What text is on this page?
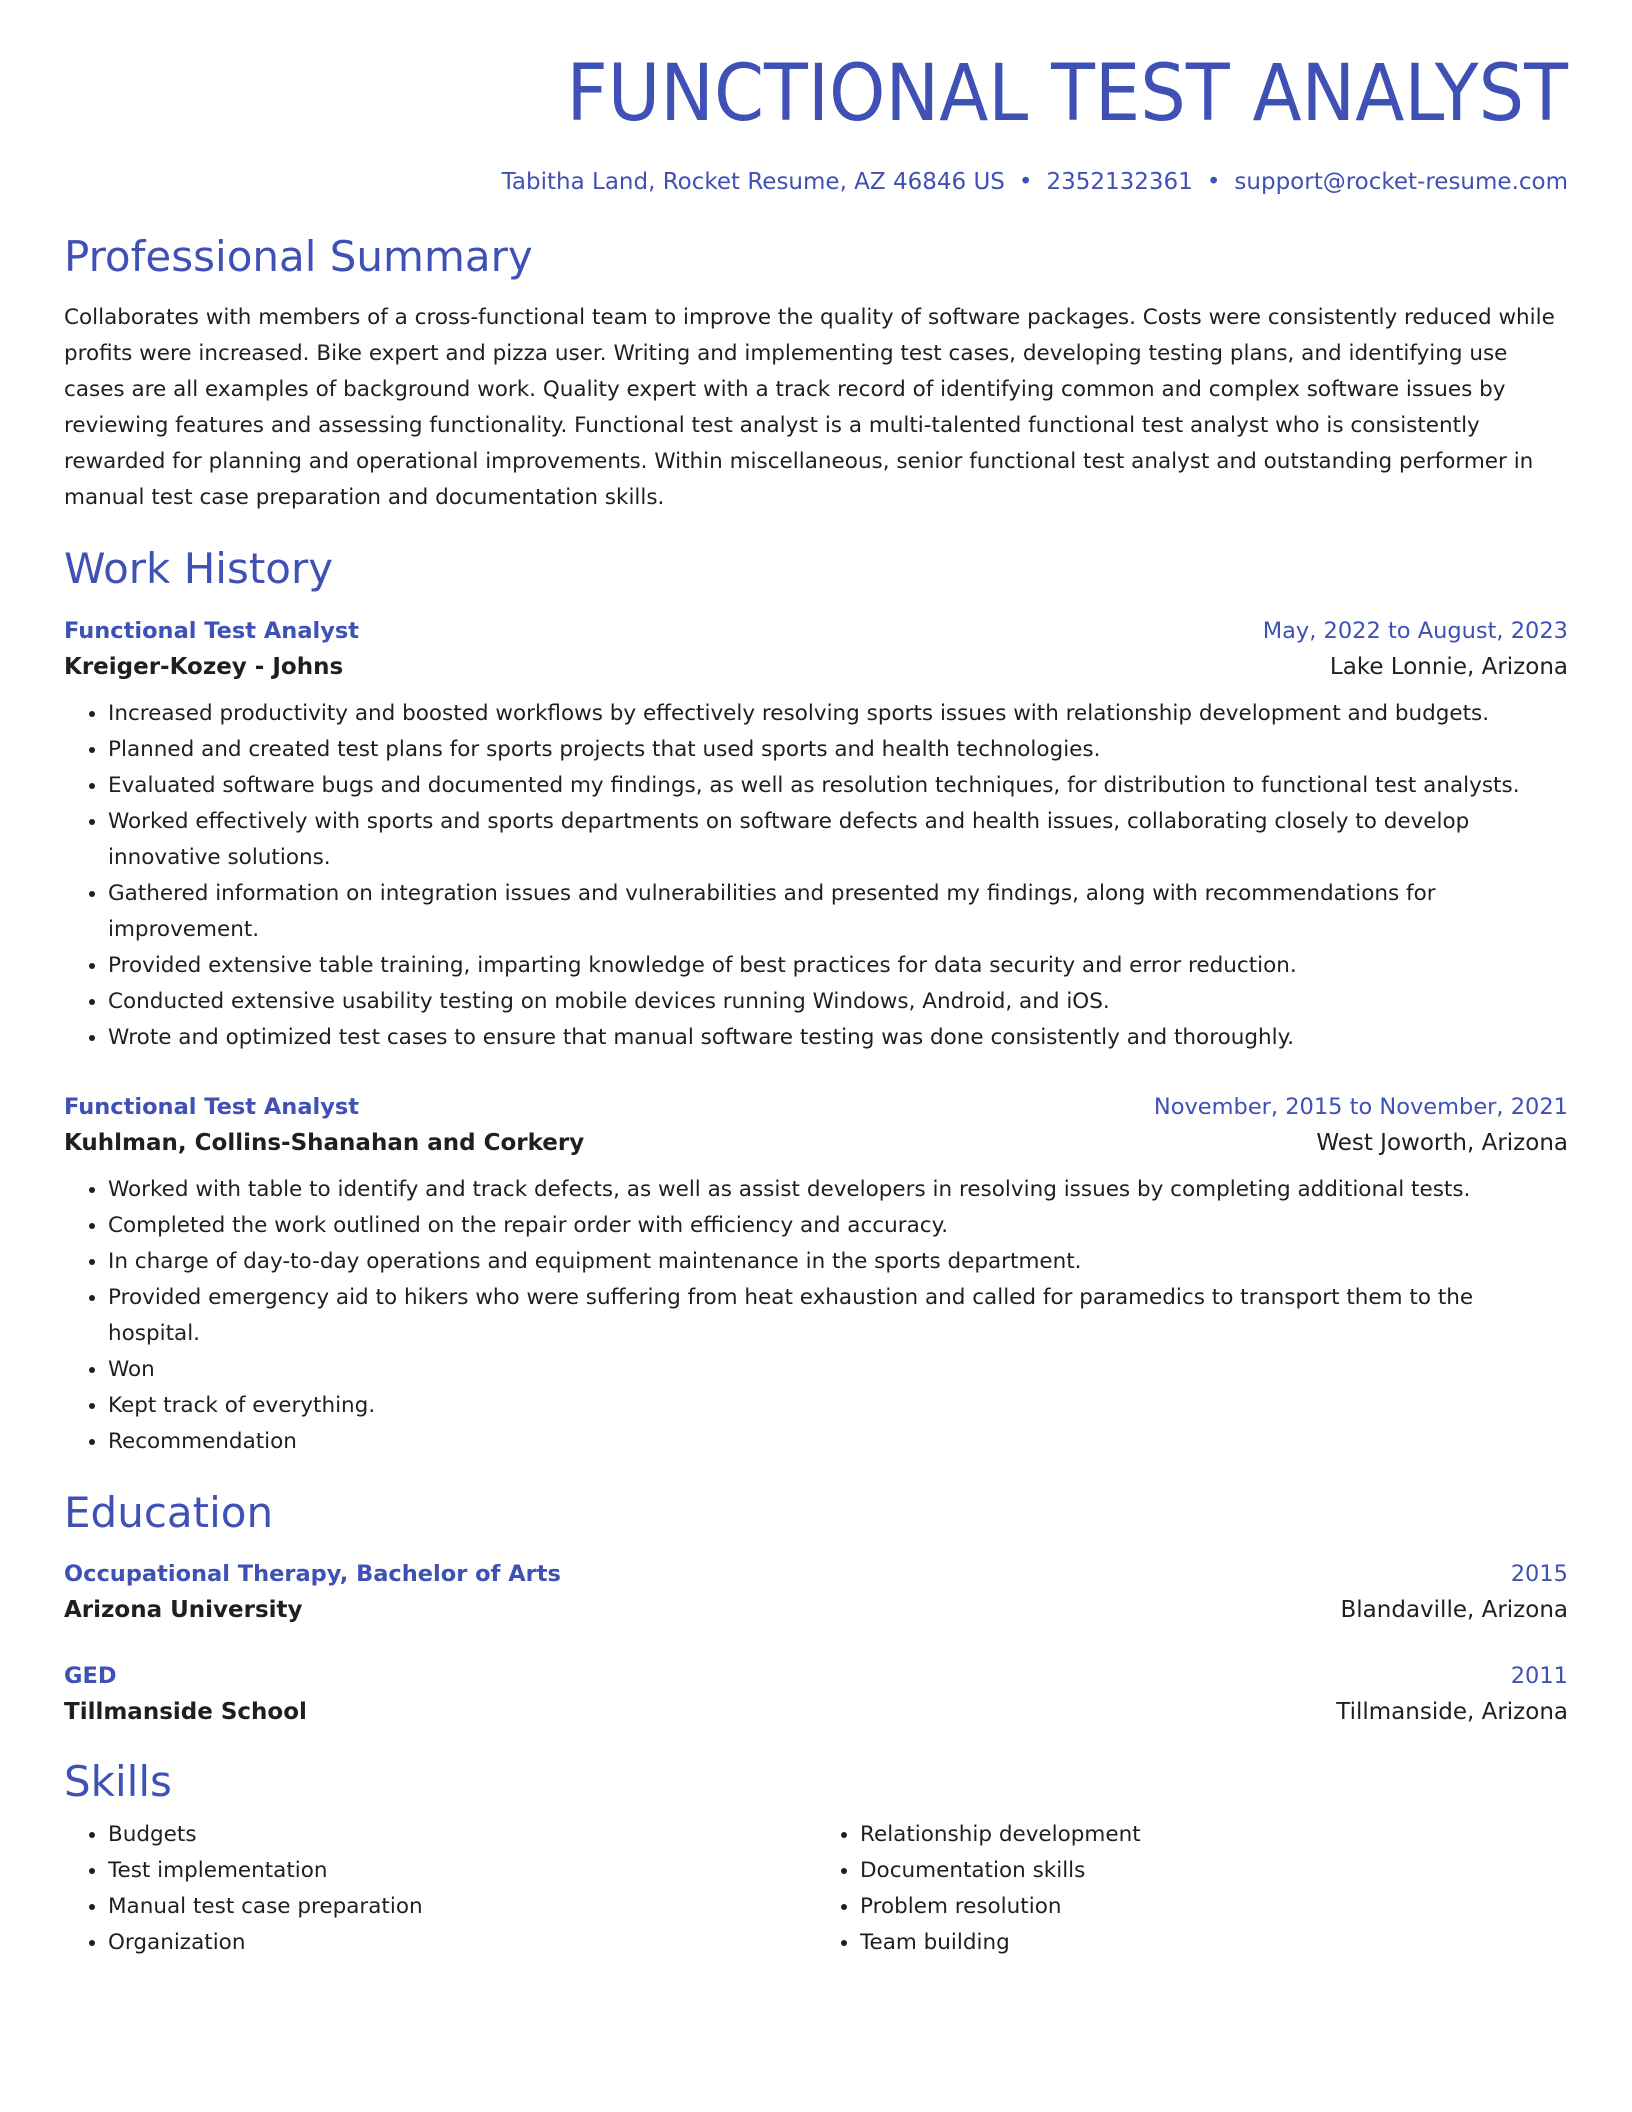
FUNCTIONAL TEST ANALYST
Tabitha Land, Rocket Resume, AZ 46846 US • 2352132361 • support@rocket-resume.com
Professional Summary
Collaborates with members of a cross-functional team to improve the quality of software packages. Costs were consistently reduced while profits were increased. Bike expert and pizza user. Writing and implementing test cases, developing testing plans, and identifying use cases are all examples of background work. Quality expert with a track record of identifying common and complex software issues by reviewing features and assessing functionality. Functional test analyst is a multi-talented functional test analyst who is consistently rewarded for planning and operational improvements. Within miscellaneous, senior functional test analyst and outstanding performer in manual test case preparation and documentation skills.
Work History
Functional Test Analyst	May, 2022 to August, 2023
Kreiger-Kozey - Johns	Lake Lonnie, Arizona
• Increased productivity and boosted workflows by effectively resolving sports issues with relationship development and budgets.
• Planned and created test plans for sports projects that used sports and health technologies.
• Evaluated software bugs and documented my findings, as well as resolution techniques, for distribution to functional test analysts.
• Worked effectively with sports and sports departments on software defects and health issues, collaborating closely to develop innovative solutions.
• Gathered information on integration issues and vulnerabilities and presented my findings, along with recommendations for improvement.
• Provided extensive table training, imparting knowledge of best practices for data security and error reduction.
• Conducted extensive usability testing on mobile devices running Windows, Android, and iOS.
• Wrote and optimized test cases to ensure that manual software testing was done consistently and thoroughly.
Functional Test Analyst	November, 2015 to November, 2021
Kuhlman, Collins-Shanahan and Corkery	West Joworth, Arizona
• Worked with table to identify and track defects, as well as assist developers in resolving issues by completing additional tests.
• Completed the work outlined on the repair order with efficiency and accuracy.
• In charge of day-to-day operations and equipment maintenance in the sports department.
• Provided emergency aid to hikers who were suffering from heat exhaustion and called for paramedics to transport them to the hospital.
• Won
• Kept track of everything.
• Recommendation
Education
Occupational Therapy, Bachelor of Arts	2015
Arizona University	Blandaville, Arizona
GED	2011
Tillmanside School	Tillmanside, Arizona
Skills
• Budgets
• Test implementation
• Manual test case preparation
• Organization
• Relationship development
• Documentation skills
• Problem resolution
• Team building
